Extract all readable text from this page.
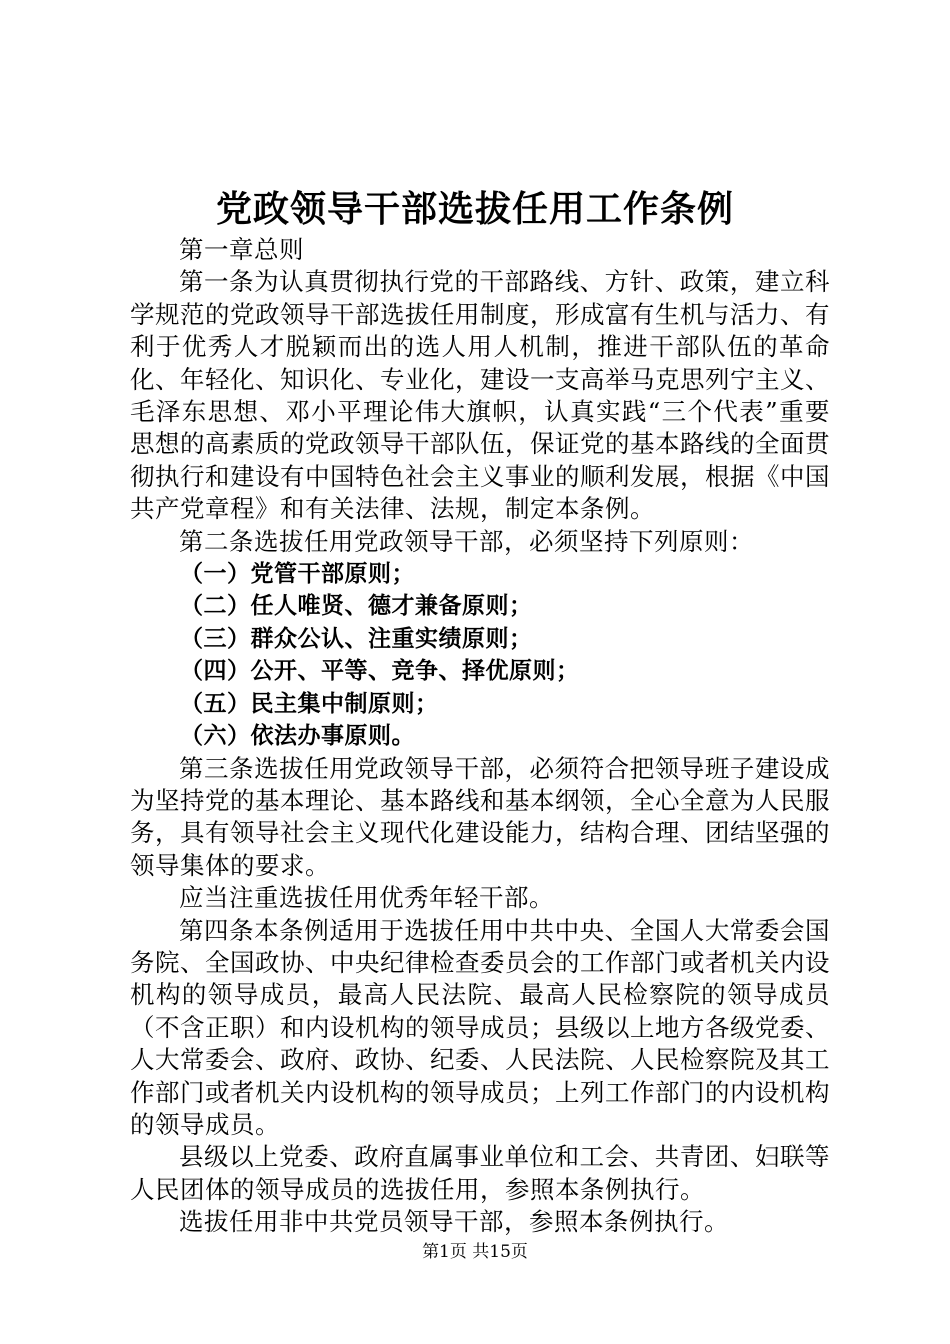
党政领导干部选拔任用工作条例

第一章总则

第一条为认真贯彻执行党的干部路线、方针、政策，建立科学规范的党政领导干部选拔任用制度，形成富有生机与活力、有利于优秀人才脱颖而出的选人用人机制，推进干部队伍的革命化、年轻化、知识化、专业化，建设一支高举马克思列宁主义、毛泽东思想、邓小平理论伟大旗帜，认真实践“三个代表”重要思想的高素质的党政领导干部队伍，保证党的基本路线的全面贯彻执行和建设有中国特色社会主义事业的顺利发展，根据《中国共产党章程》和有关法律、法规，制定本条例。

第二条选拔任用党政领导干部，必须坚持下列原则：

（一）党管干部原则；

（二）任人唯贤、德才兼备原则；

（三）群众公认、注重实绩原则；

（四）公开、平等、竞争、择优原则；

（五）民主集中制原则；

（六）依法办事原则。

第三条选拔任用党政领导干部，必须符合把领导班子建设成为坚持党的基本理论、基本路线和基本纲领，全心全意为人民服务，具有领导社会主义现代化建设能力，结构合理、团结坚强的领导集体的要求。

应当注重选拔任用优秀年轻干部。

第四条本条例适用于选拔任用中共中央、全国人大常委会国务院、全国政协、中央纪律检查委员会的工作部门或者机关内设机构的领导成员，最高人民法院、最高人民检察院的领导成员（不含正职）和内设机构的领导成员；县级以上地方各级党委、人大常委会、政府、政协、纪委、人民法院、人民检察院及其工作部门或者机关内设机构的领导成员；上列工作部门的内设机构的领导成员。

县级以上党委、政府直属事业单位和工会、共青团、妇联等人民团体的领导成员的选拔任用，参照本条例执行。

选拔任用非中共党员领导干部，参照本条例执行。

第1页 共15页
